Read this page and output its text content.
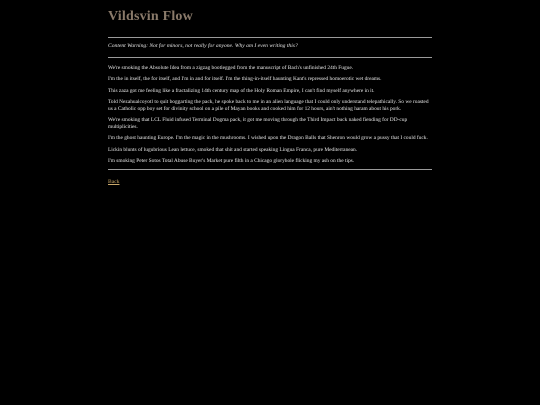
Vildsvin Flow

Content Warning: Not for minors, not really for anyone. Why am I even writing this?

We're smoking the Absolute Idea from a zigzag bootlegged from the manuscript of Bach's unfinished 24th Fugue.

I'm the in itself, the for itself, and I'm in and for itself. I'm the thing-in-itself haunting Kant's repressed homoerotic wet dreams.

This zaza got me feeling like a fractalizing 14th century map of the Holy Roman Empire, I can't find myself anywhere in it.

Told Nezahualcoyotl to quit boggarting the pack, he spoke back to me in an alien language that I could only understand telepathically. So we roasted us a Catholic opp boy set for divinity school on a pile of Mayan books and cooked him for 12 hours, ain't nothing haram about his pork.

We're smoking that LCL Fluid infused Terminal Dogma pack, it got me moving through the Third Impact buck naked fiending for DD-cup multiplicities.

I'm the ghost haunting Europe. I'm the magic in the mushrooms. I wished upon the Dragon Balls that Shenron would grow a pussy that I could fuck.

Lickin blunts of lugubrious Lean lettuce, smoked that shit and started speaking Lingua Franca, pure Mediterranean.

I'm smoking Peter Sotos Total Abuse Buyer's Market pure filth in a Chicago gloryhole flicking my ash on the tips.

Back
